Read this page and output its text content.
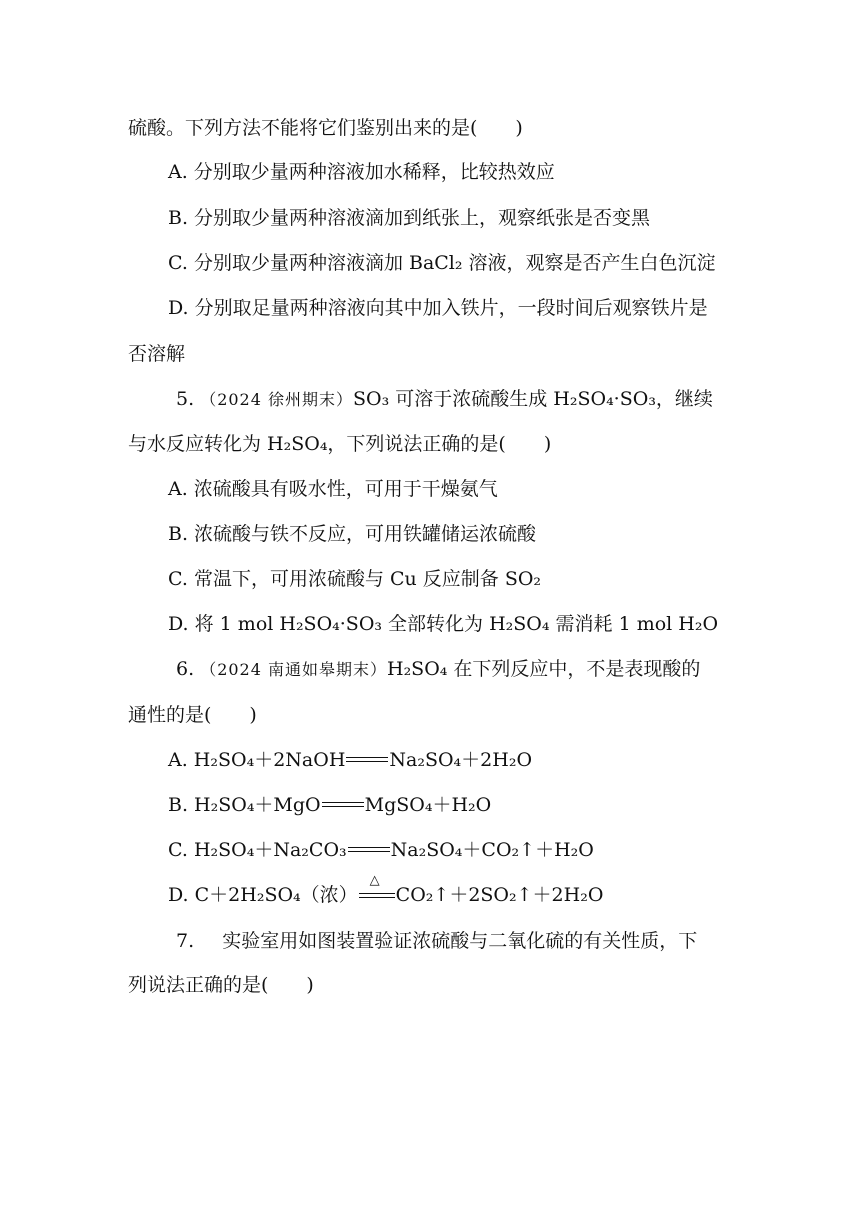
硫酸。下列方法不能将它们鉴别出来的是(　　)
A. 分别取少量两种溶液加水稀释，比较热效应
B. 分别取少量两种溶液滴加到纸张上，观察纸张是否变黑
C. 分别取少量两种溶液滴加 BaCl₂ 溶液，观察是否产生白色沉淀
D. 分别取足量两种溶液向其中加入铁片，一段时间后观察铁片是
否溶解
5. （2024 徐州期末）SO₃ 可溶于浓硫酸生成 H₂SO₄·SO₃，继续
与水反应转化为 H₂SO₄，下列说法正确的是(　　)
A. 浓硫酸具有吸水性，可用于干燥氨气
B. 浓硫酸与铁不反应，可用铁罐储运浓硫酸
C. 常温下，可用浓硫酸与 Cu 反应制备 SO₂
D. 将 1 mol H₂SO₄·SO₃ 全部转化为 H₂SO₄ 需消耗 1 mol H₂O
6. （2024 南通如皋期末）H₂SO₄ 在下列反应中，不是表现酸的
通性的是(　　)
A. H₂SO₄＋2NaOH Na₂SO₄＋2H₂O
B. H₂SO₄＋MgO MgSO₄＋H₂O
C. H₂SO₄＋Na₂CO₃ Na₂SO₄＋CO₂↑＋H₂O
D. C＋2H₂SO₄（浓）
△
CO₂↑＋2SO₂↑＋2H₂O
7. 实验室用如图装置验证浓硫酸与二氧化硫的有关性质，下
列说法正确的是(　　)
